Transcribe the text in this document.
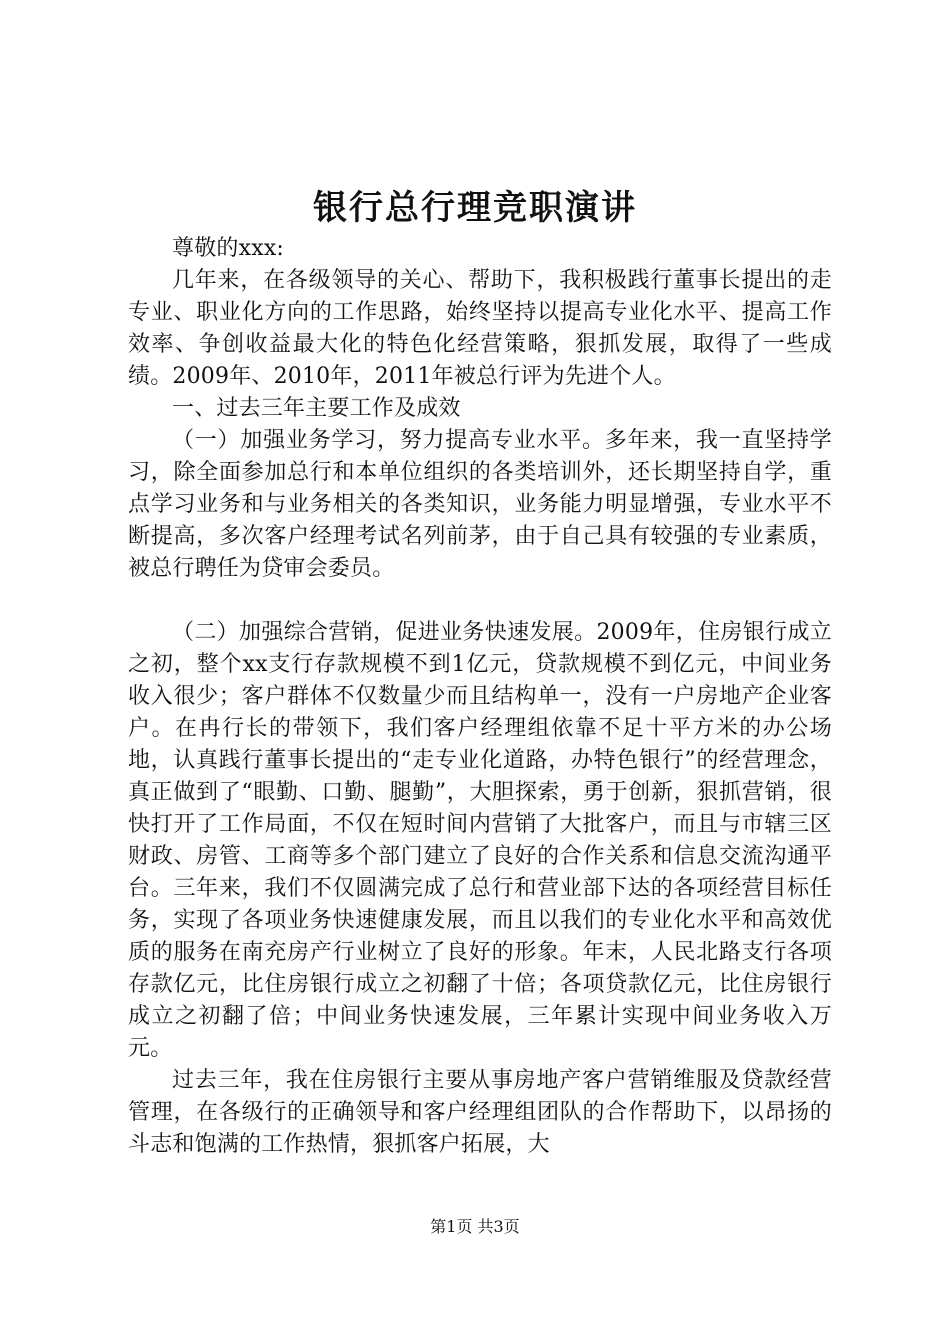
银行总行理竞职演讲

尊敬的xxx:

几年来，在各级领导的关心、帮助下，我积极践行董事长提出的走专业、职业化方向的工作思路，始终坚持以提高专业化水平、提高工作效率、争创收益最大化的特色化经营策略，狠抓发展，取得了一些成绩。2009年、2010年，2011年被总行评为先进个人。

一、过去三年主要工作及成效

（一）加强业务学习，努力提高专业水平。多年来，我一直坚持学习，除全面参加总行和本单位组织的各类培训外，还长期坚持自学，重点学习业务和与业务相关的各类知识，业务能力明显增强，专业水平不断提高，多次客户经理考试名列前茅，由于自己具有较强的专业素质，被总行聘任为贷审会委员。

（二）加强综合营销，促进业务快速发展。2009年，住房银行成立之初，整个xx支行存款规模不到1亿元，贷款规模不到亿元，中间业务收入很少；客户群体不仅数量少而且结构单一，没有一户房地产企业客户。在冉行长的带领下，我们客户经理组依靠不足十平方米的办公场地，认真践行董事长提出的“走专业化道路，办特色银行”的经营理念，真正做到了“眼勤、口勤、腿勤”，大胆探索，勇于创新，狠抓营销，很快打开了工作局面，不仅在短时间内营销了大批客户，而且与市辖三区财政、房管、工商等多个部门建立了良好的合作关系和信息交流沟通平台。三年来，我们不仅圆满完成了总行和营业部下达的各项经营目标任务，实现了各项业务快速健康发展，而且以我们的专业化水平和高效优质的服务在南充房产行业树立了良好的形象。年末，人民北路支行各项存款亿元，比住房银行成立之初翻了十倍；各项贷款亿元，比住房银行成立之初翻了倍；中间业务快速发展，三年累计实现中间业务收入万元。

过去三年，我在住房银行主要从事房地产客户营销维服及贷款经营管理，在各级行的正确领导和客户经理组团队的合作帮助下，以昂扬的斗志和饱满的工作热情，狠抓客户拓展，大

第1页 共3页
